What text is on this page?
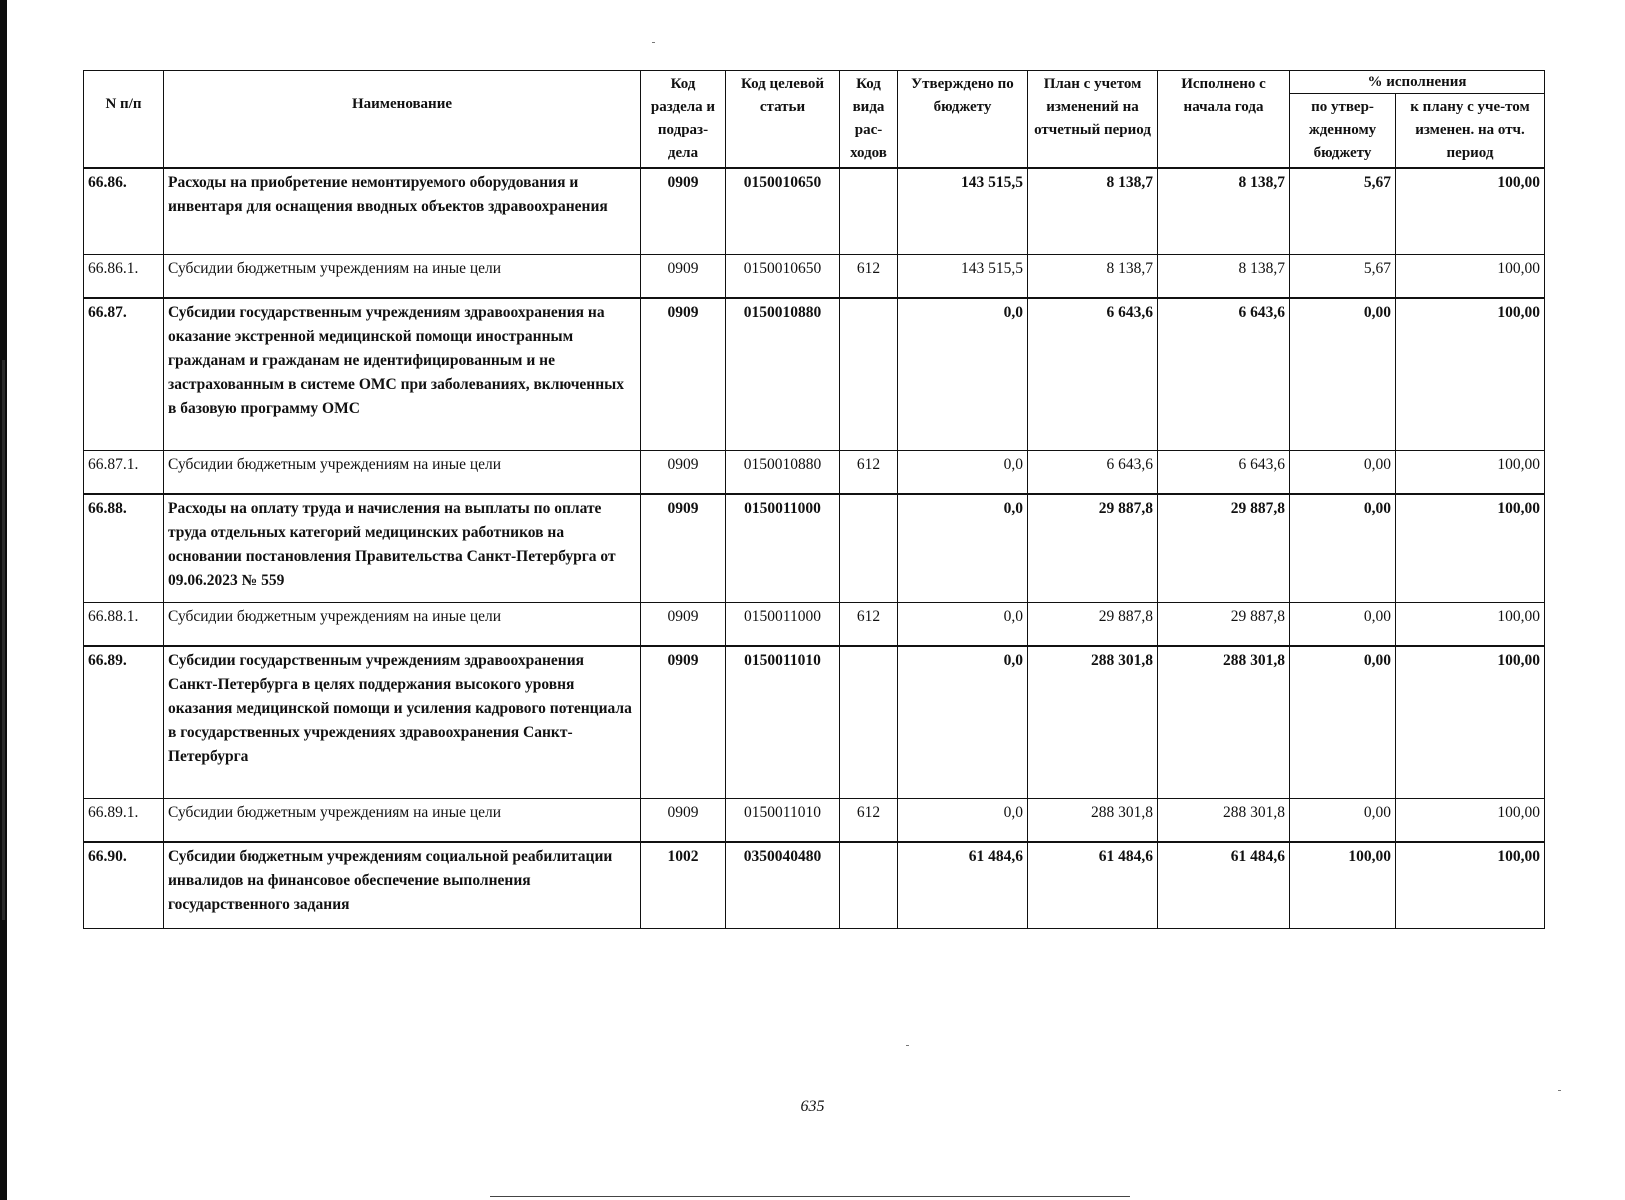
N п/п	Наименование	Код раздела и подраз-дела	Код целевой статьи	Код вида рас-ходов	Утверждено по бюджету	План с учетом изменений на отчетный период	Исполнено с начала года	% исполнения	
								по утвер-жденному бюджету	к плану с уче-том изменен. на отч. период
66.86.	Расходы на приобретение немонтируемого оборудования и инвентаря для оснащения вводных объектов здравоохранения	0909	0150010650		143 515,5	8 138,7	8 138,7	5,67	100,00
66.86.1.	Субсидии бюджетным учреждениям на иные цели	0909	0150010650	612	143 515,5	8 138,7	8 138,7	5,67	100,00
66.87.	Субсидии государственным учреждениям здравоохранения на оказание экстренной медицинской помощи иностранным гражданам и гражданам не идентифицированным и не застрахованным в системе ОМС при заболеваниях, включенных в базовую программу ОМС	0909	0150010880		0,0	6 643,6	6 643,6	0,00	100,00
66.87.1.	Субсидии бюджетным учреждениям на иные цели	0909	0150010880	612	0,0	6 643,6	6 643,6	0,00	100,00
66.88.	Расходы на оплату труда и начисления на выплаты по оплате труда отдельных категорий медицинских работников на основании постановления Правительства Санкт-Петербурга от 09.06.2023 № 559	0909	0150011000		0,0	29 887,8	29 887,8	0,00	100,00
66.88.1.	Субсидии бюджетным учреждениям на иные цели	0909	0150011000	612	0,0	29 887,8	29 887,8	0,00	100,00
66.89.	Субсидии государственным учреждениям здравоохранения Санкт-Петербурга в целях поддержания высокого уровня оказания медицинской помощи и усиления кадрового потенциала в государственных учреждениях здравоохранения Санкт-Петербурга	0909	0150011010		0,0	288 301,8	288 301,8	0,00	100,00
66.89.1.	Субсидии бюджетным учреждениям на иные цели	0909	0150011010	612	0,0	288 301,8	288 301,8	0,00	100,00
66.90.	Субсидии бюджетным учреждениям социальной реабилитации инвалидов на финансовое обеспечение выполнения государственного задания	1002	0350040480		61 484,6	61 484,6	61 484,6	100,00	100,00
635
